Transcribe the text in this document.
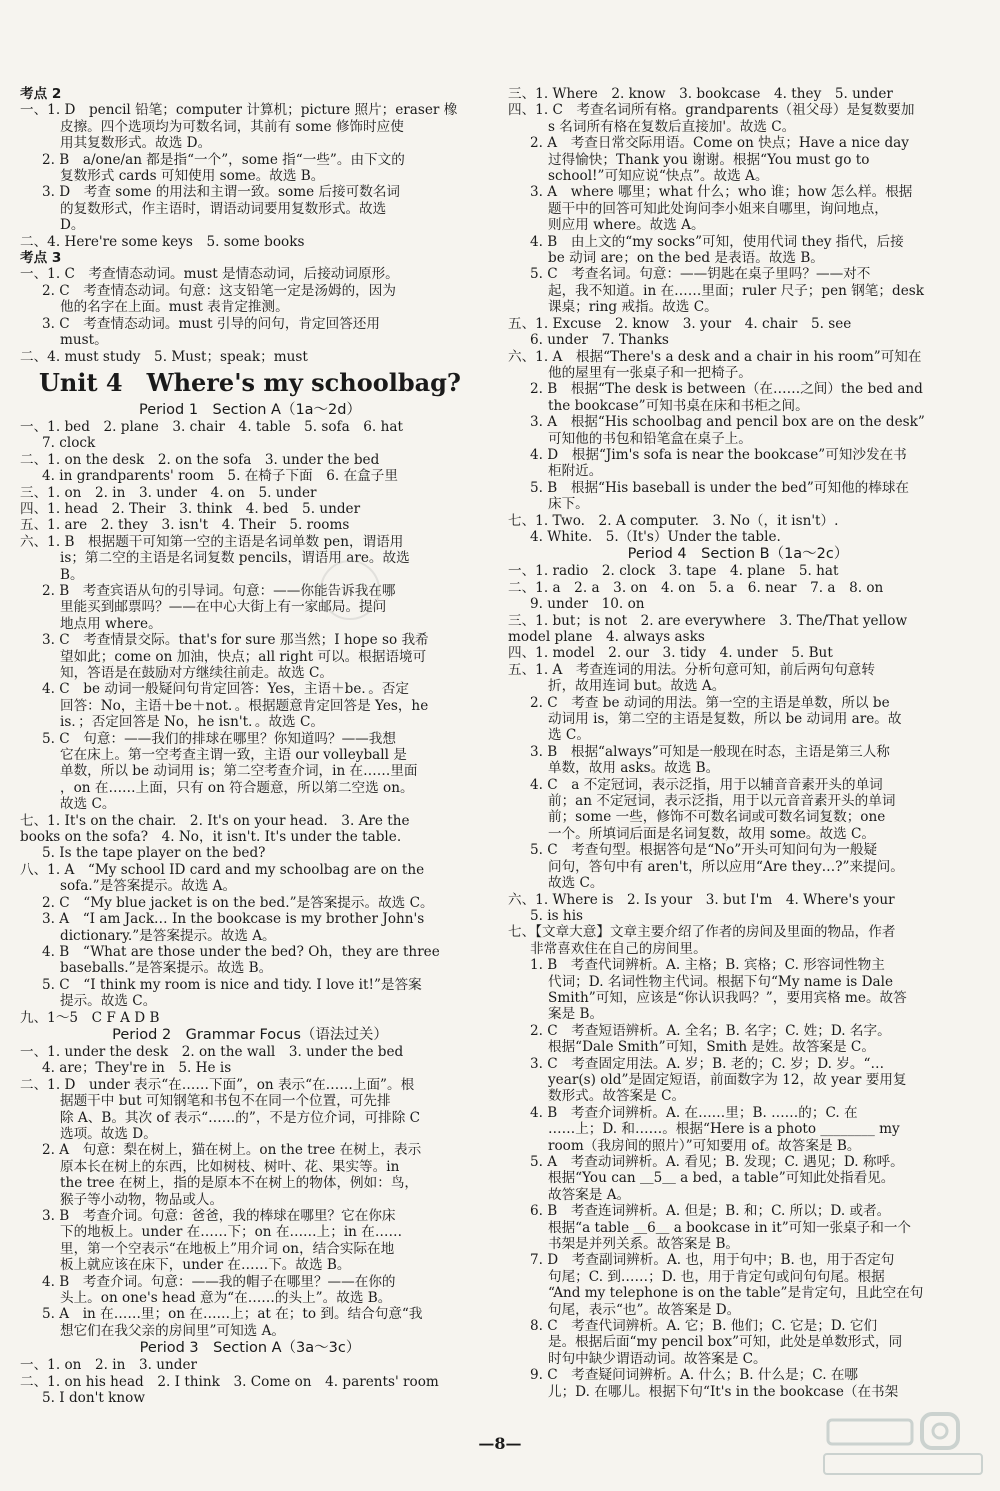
考点 2
一、1. D　pencil 铅笔；computer 计算机；picture 照片；eraser 橡
皮擦。四个选项均为可数名词，其前有 some 修饰时应使
用其复数形式。故选 D。
2. B　a/one/an 都是指“一个”，some 指“一些”。由下文的
复数形式 cards 可知使用 some。故选 B。
3. D　考查 some 的用法和主谓一致。some 后接可数名词
的复数形式，作主语时，谓语动词要用复数形式。故选
D。
二、4. Here're some keys　5. some books
考点 3
一、1. C　考查情态动词。must 是情态动词，后接动词原形。
2. C　考查情态动词。句意：这支铅笔一定是汤姆的，因为
他的名字在上面。must 表肯定推测。
3. C　考查情态动词。must 引导的问句，肯定回答还用
must。
二、4. must study　5. Must；speak；must
Unit 4　Where's my schoolbag?
Period 1　Section A（1a～2d）
一、1. bed　2. plane　3. chair　4. table　5. sofa　6. hat
7. clock
二、1. on the desk　2. on the sofa　3. under the bed
4. in grandparents' room　5. 在椅子下面　6. 在盒子里
三、1. on　2. in　3. under　4. on　5. under
四、1. head　2. Their　3. think　4. bed　5. under
五、1. are　2. they　3. isn't　4. Their　5. rooms
六、1. B　根据题干可知第一空的主语是名词单数 pen，谓语用
is；第二空的主语是名词复数 pencils，谓语用 are。故选
B。
2. B　考查宾语从句的引导词。句意：——你能告诉我在哪
里能买到邮票吗？——在中心大街上有一家邮局。提问
地点用 where。
3. C　考查情景交际。that's for sure 那当然；I hope so 我希
望如此；come on 加油，快点；all right 可以。根据语境可
知，答语是在鼓励对方继续往前走。故选 C。
4. C　be 动词一般疑问句肯定回答：Yes，主语＋be．。否定
回答：No，主语＋be＋not．。根据题意肯定回答是 Yes，he
is．；否定回答是 No，he isn't．。故选 C。
5. C　句意：——我们的排球在哪里？你知道吗？——我想
它在床上。第一空考查主谓一致，主语 our volleyball 是
单数，所以 be 动词用 is；第二空考查介词，in 在……里面
，on 在……上面，只有 on 符合题意，所以第二空选 on。
故选 C。
七、1. It's on the chair.　2. It's on your head.　3. Are the
books on the sofa?　4. No，it isn't. It's under the table.
5. Is the tape player on the bed?
八、1. A　“My school ID card and my schoolbag are on the
sofa.”是答案提示。故选 A。
2. C　“My blue jacket is on the bed.”是答案提示。故选 C。
3. A　“I am Jack… In the bookcase is my brother John's
dictionary.”是答案提示。故选 A。
4. B　“What are those under the bed? Oh，they are three
baseballs.”是答案提示。故选 B。
5. C　“I think my room is nice and tidy. I love it!”是答案
提示。故选 C。
九、1～5　C F A D B
Period 2　Grammar Focus（语法过关）
一、1. under the desk　2. on the wall　3. under the bed
4. are；They're in　5. He is
二、1. D　under 表示“在……下面”，on 表示“在……上面”。根
据题干中 but 可知钢笔和书包不在同一个位置，可先排
除 A、B。其次 of 表示“……的”，不是方位介词，可排除 C
选项。故选 D。
2. A　句意：梨在树上，猫在树上。on the tree 在树上，表示
原本长在树上的东西，比如树枝、树叶、花、果实等。in
the tree 在树上，指的是原本不在树上的物体，例如：鸟，
猴子等小动物，物品或人。
3. B　考查介词。句意：爸爸，我的棒球在哪里？它在你床
下的地板上。under 在……下；on 在……上；in 在……
里，第一个空表示“在地板上”用介词 on，结合实际在地
板上就应该在床下，under 在……下。故选 B。
4. B　考查介词。句意：——我的帽子在哪里？——在你的
头上。on one's head 意为“在……的头上”。故选 B。
5. A　in 在……里；on 在……上；at 在；to 到。结合句意“我
想它们在我父亲的房间里”可知选 A。
Period 3　Section A（3a～3c）
一、1. on　2. in　3. under
二、1. on his head　2. I think　3. Come on　4. parents' room
5. I don't know
三、1. Where　2. know　3. bookcase　4. they　5. under
四、1. C　考查名词所有格。grandparents（祖父母）是复数要加
s 名词所有格在复数后直接加'。故选 C。
2. A　考查日常交际用语。Come on 快点；Have a nice day
过得愉快；Thank you 谢谢。根据“You must go to
school!”可知应说“快点”。故选 A。
3. A　where 哪里；what 什么；who 谁；how 怎么样。根据
题干中的回答可知此处询问李小姐来自哪里，询问地点，
则应用 where。故选 A。
4. B　由上文的“my socks”可知，使用代词 they 指代，后接
be 动词 are；on the bed 是表语。故选 B。
5. C　考查名词。句意：——钥匙在桌子里吗？——对不
起，我不知道。in 在……里面；ruler 尺子；pen 钢笔；desk
课桌；ring 戒指。故选 C。
五、1. Excuse　2. know　3. your　4. chair　5. see
6. under　7. Thanks
六、1. A　根据“There's a desk and a chair in his room”可知在
他的屋里有一张桌子和一把椅子。
2. B　根据“The desk is between（在……之间）the bed and
the bookcase”可知书桌在床和书柜之间。
3. A　根据“His schoolbag and pencil box are on the desk”
可知他的书包和铅笔盒在桌子上。
4. D　根据“Jim's sofa is near the bookcase”可知沙发在书
柜附近。
5. B　根据“His baseball is under the bed”可知他的棒球在
床下。
七、1. Two.　2. A computer.　3. No（，it isn't）.
4. White.　5.（It's）Under the table.
Period 4　Section B（1a～2c）
一、1. radio　2. clock　3. tape　4. plane　5. hat
二、1. a　2. a　3. on　4. on　5. a　6. near　7. a　8. on
9. under　10. on
三、1. but；is not　2. are everywhere　3. The/That yellow
model plane　4. always asks
四、1. model　2. our　3. tidy　4. under　5. But
五、1. A　考查连词的用法。分析句意可知，前后两句句意转
折，故用连词 but。故选 A。
2. C　考查 be 动词的用法。第一空的主语是单数，所以 be
动词用 is，第二空的主语是复数，所以 be 动词用 are。故
选 C。
3. B　根据“always”可知是一般现在时态，主语是第三人称
单数，故用 asks。故选 B。
4. C　a 不定冠词，表示泛指，用于以辅音音素开头的单词
前；an 不定冠词，表示泛指，用于以元音音素开头的单词
前；some 一些，修饰不可数名词或可数名词复数；one
一个。所填词后面是名词复数，故用 some。故选 C。
5. C　考查句型。根据答句是“No”开头可知问句为一般疑
问句，答句中有 aren't，所以应用“Are they…?”来提问。
故选 C。
六、1. Where is　2. Is your　3. but I'm　4. Where's your
5. is his
七、【文章大意】文章主要介绍了作者的房间及里面的物品，作者
非常喜欢住在自己的房间里。
1. B　考查代词辨析。A. 主格；B. 宾格；C. 形容词性物主
代词；D. 名词性物主代词。根据下句“My name is Dale
Smith”可知，应该是“你认识我吗？”，要用宾格 me。故答
案是 B。
2. C　考查短语辨析。A. 全名；B. 名字；C. 姓；D. 名字。
根据“Dale Smith”可知，Smith 是姓。故答案是 C。
3. C　考查固定用法。A. 岁；B. 老的；C. 岁；D. 岁。“…
year(s) old”是固定短语，前面数字为 12，故 year 要用复
数形式。故答案是 C。
4. B　考查介词辨析。A. 在……里；B. ……的；C. 在
……上；D. 和……。根据“Here is a photo ________ my
room（我房间的照片）”可知要用 of。故答案是 B。
5. A　考查动词辨析。A. 看见；B. 发现；C. 遇见；D. 称呼。
根据“You can ＿5＿ a bed，a table”可知此处指看见。
故答案是 A。
6. B　考查连词辨析。A. 但是；B. 和；C. 所以；D. 或者。
根据“a table ＿6＿ a bookcase in it”可知一张桌子和一个
书架是并列关系。故答案是 B。
7. D　考查副词辨析。A. 也，用于句中；B. 也，用于否定句
句尾；C. 到……；D. 也，用于肯定句或问句句尾。根据
“And my telephone is on the table”是肯定句，且此空在句
句尾，表示“也”。故答案是 D。
8. C　考查代词辨析。A. 它；B. 他们；C. 它是；D. 它们
是。根据后面“my pencil box”可知，此处是单数形式，同
时句中缺少谓语动词。故答案是 C。
9. C　考查疑问词辨析。A. 什么；B. 什么是；C. 在哪
儿；D. 在哪儿。根据下句“It's in the bookcase（在书架
—8—
